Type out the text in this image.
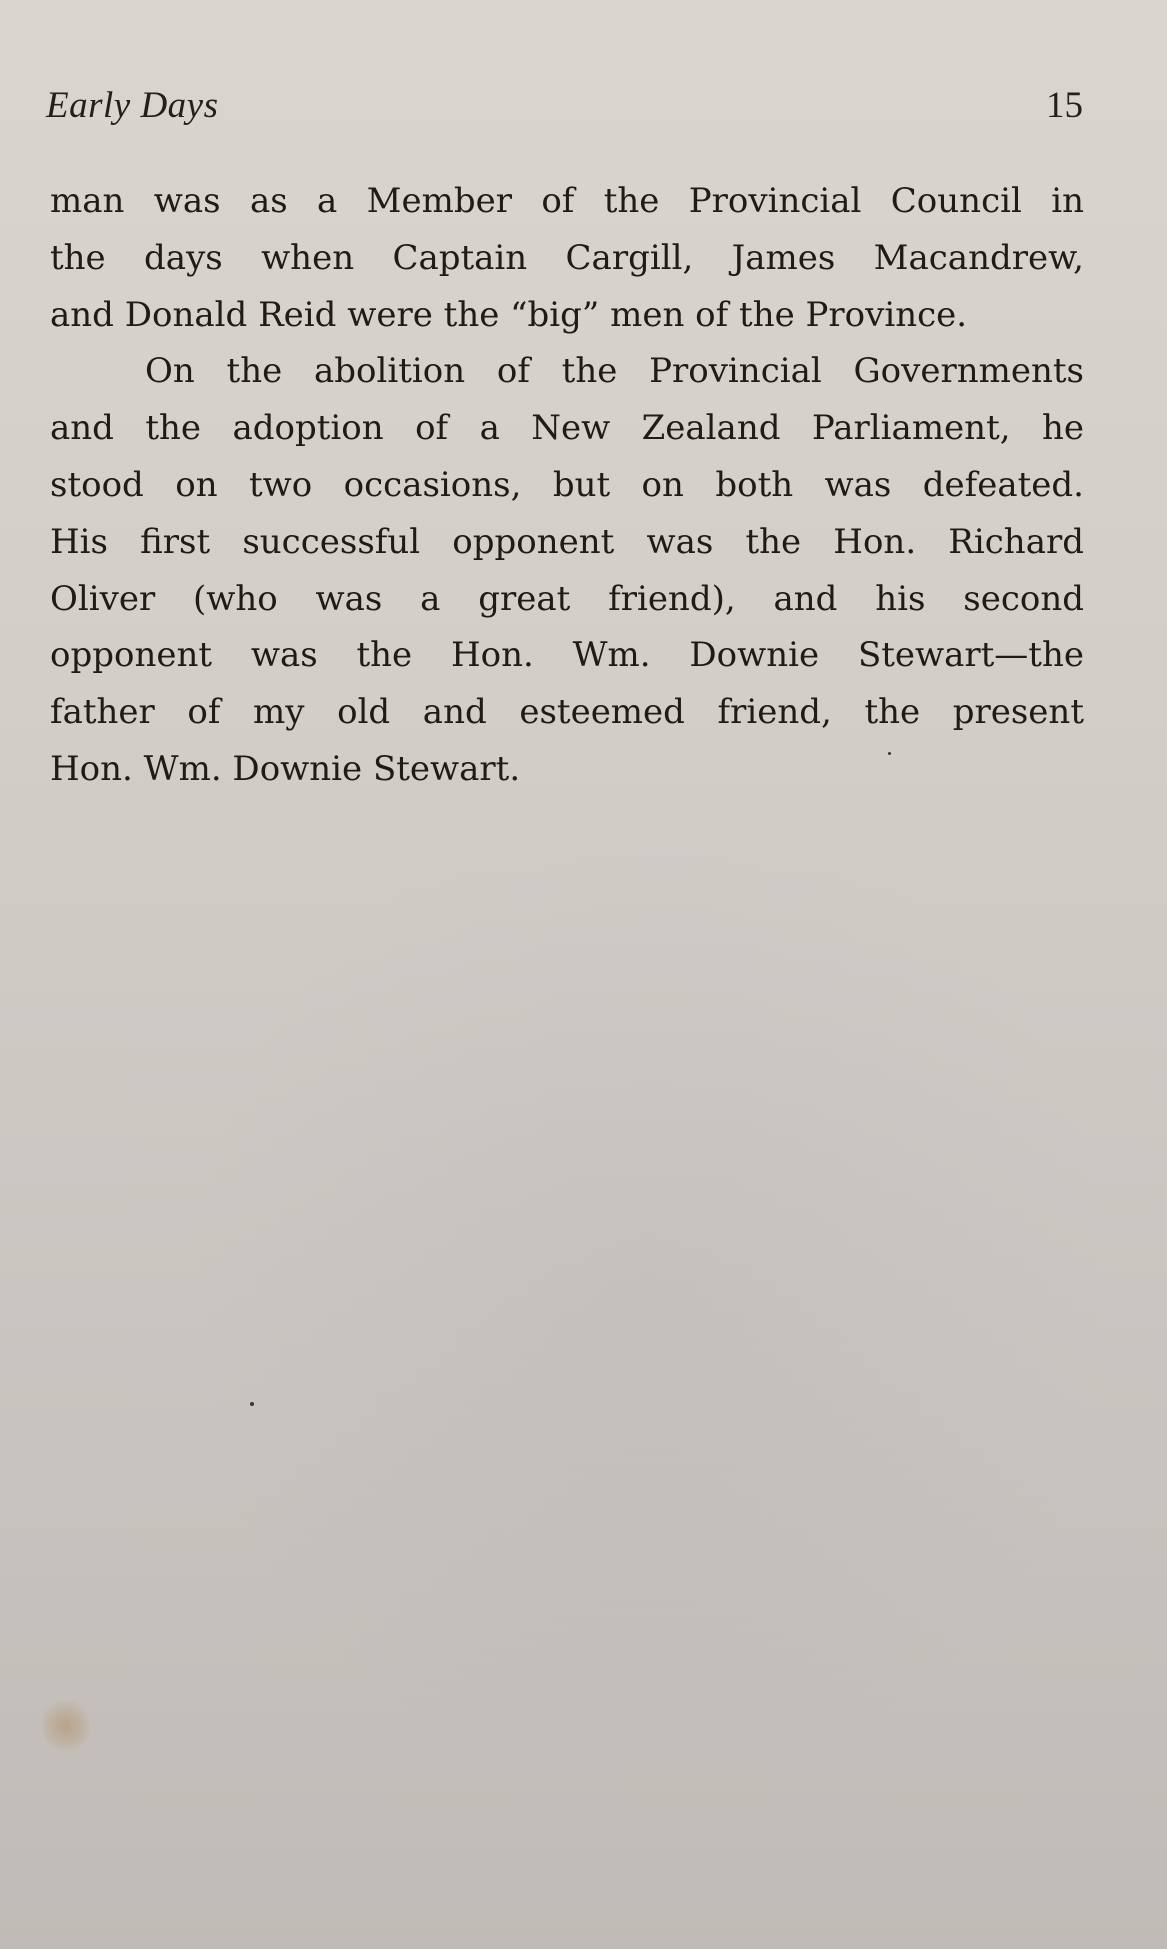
Early Days	15
man was as a Member of the Provincial Council in
the days when Captain Cargill, James Macandrew,
and Donald Reid were the “big” men of the Province.
On the abolition of the Provincial Governments
and the adoption of a New Zealand Parliament, he
stood on two occasions, but on both was defeated.
His first successful opponent was the Hon. Richard
Oliver (who was a great friend), and his second
opponent was the Hon. Wm. Downie Stewart—the
father of my old and esteemed friend, the present
Hon. Wm. Downie Stewart.
